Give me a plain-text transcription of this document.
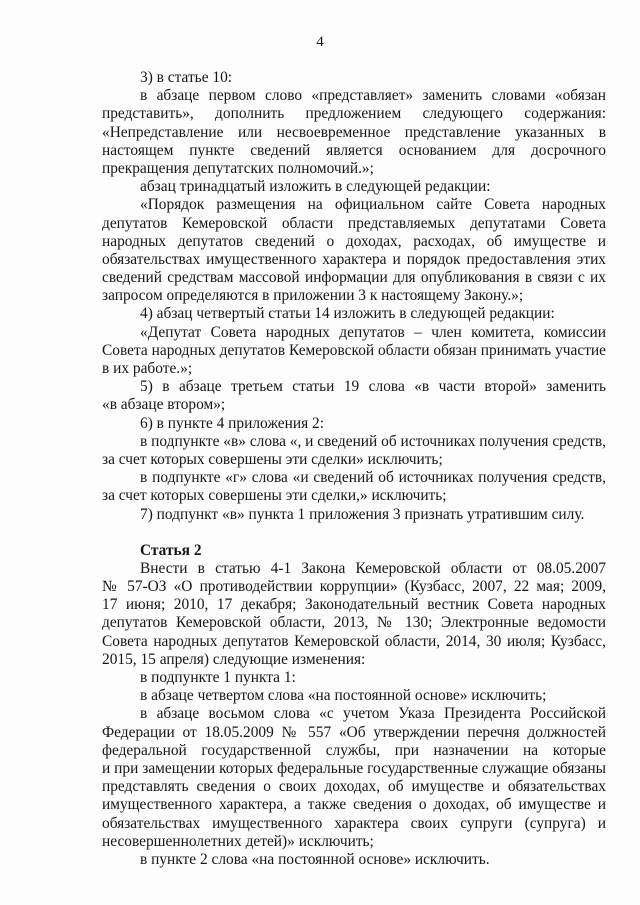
4
3) в статье 10:
в абзаце первом слово «представляет» заменить словами «обязан
представить», дополнить предложением следующего содержания:
«Непредставление или несвоевременное представление указанных в
настоящем пункте сведений является основанием для досрочного
прекращения депутатских полномочий.»;
абзац тринадцатый изложить в следующей редакции:
«Порядок размещения на официальном сайте Совета народных
депутатов Кемеровской области представляемых депутатами Совета
народных депутатов сведений о доходах, расходах, об имуществе и
обязательствах имущественного характера и порядок предоставления этих
сведений средствам массовой информации для опубликования в связи с их
запросом определяются в приложении 3 к настоящему Закону.»;
4) абзац четвертый статьи 14 изложить в следующей редакции:
«Депутат Совета народных депутатов – член комитета, комиссии
Совета народных депутатов Кемеровской области обязан принимать участие
в их работе.»;
5) в абзаце третьем статьи 19 слова «в части второй» заменить
«в абзаце втором»;
6) в пункте 4 приложения 2:
в подпункте «в» слова «, и сведений об источниках получения средств,
за счет которых совершены эти сделки» исключить;
в подпункте «г» слова «и сведений об источниках получения средств,
за счет которых совершены эти сделки,» исключить;
7) подпункт «в» пункта 1 приложения 3 признать утратившим силу.
Статья 2
Внести в статью 4-1 Закона Кемеровской области от 08.05.2007
№ 57-ОЗ «О противодействии коррупции» (Кузбасс, 2007, 22 мая; 2009,
17 июня; 2010, 17 декабря; Законодательный вестник Совета народных
депутатов Кемеровской области, 2013, № 130; Электронные ведомости
Совета народных депутатов Кемеровской области, 2014, 30 июля; Кузбасс,
2015, 15 апреля) следующие изменения:
в подпункте 1 пункта 1:
в абзаце четвертом слова «на постоянной основе» исключить;
в абзаце восьмом слова «с учетом Указа Президента Российской
Федерации от 18.05.2009 № 557 «Об утверждении перечня должностей
федеральной государственной службы, при назначении на которые
и при замещении которых федеральные государственные служащие обязаны
представлять сведения о своих доходах, об имуществе и обязательствах
имущественного характера, а также сведения о доходах, об имуществе и
обязательствах имущественного характера своих супруги (супруга) и
несовершеннолетних детей)» исключить;
в пункте 2 слова «на постоянной основе» исключить.
